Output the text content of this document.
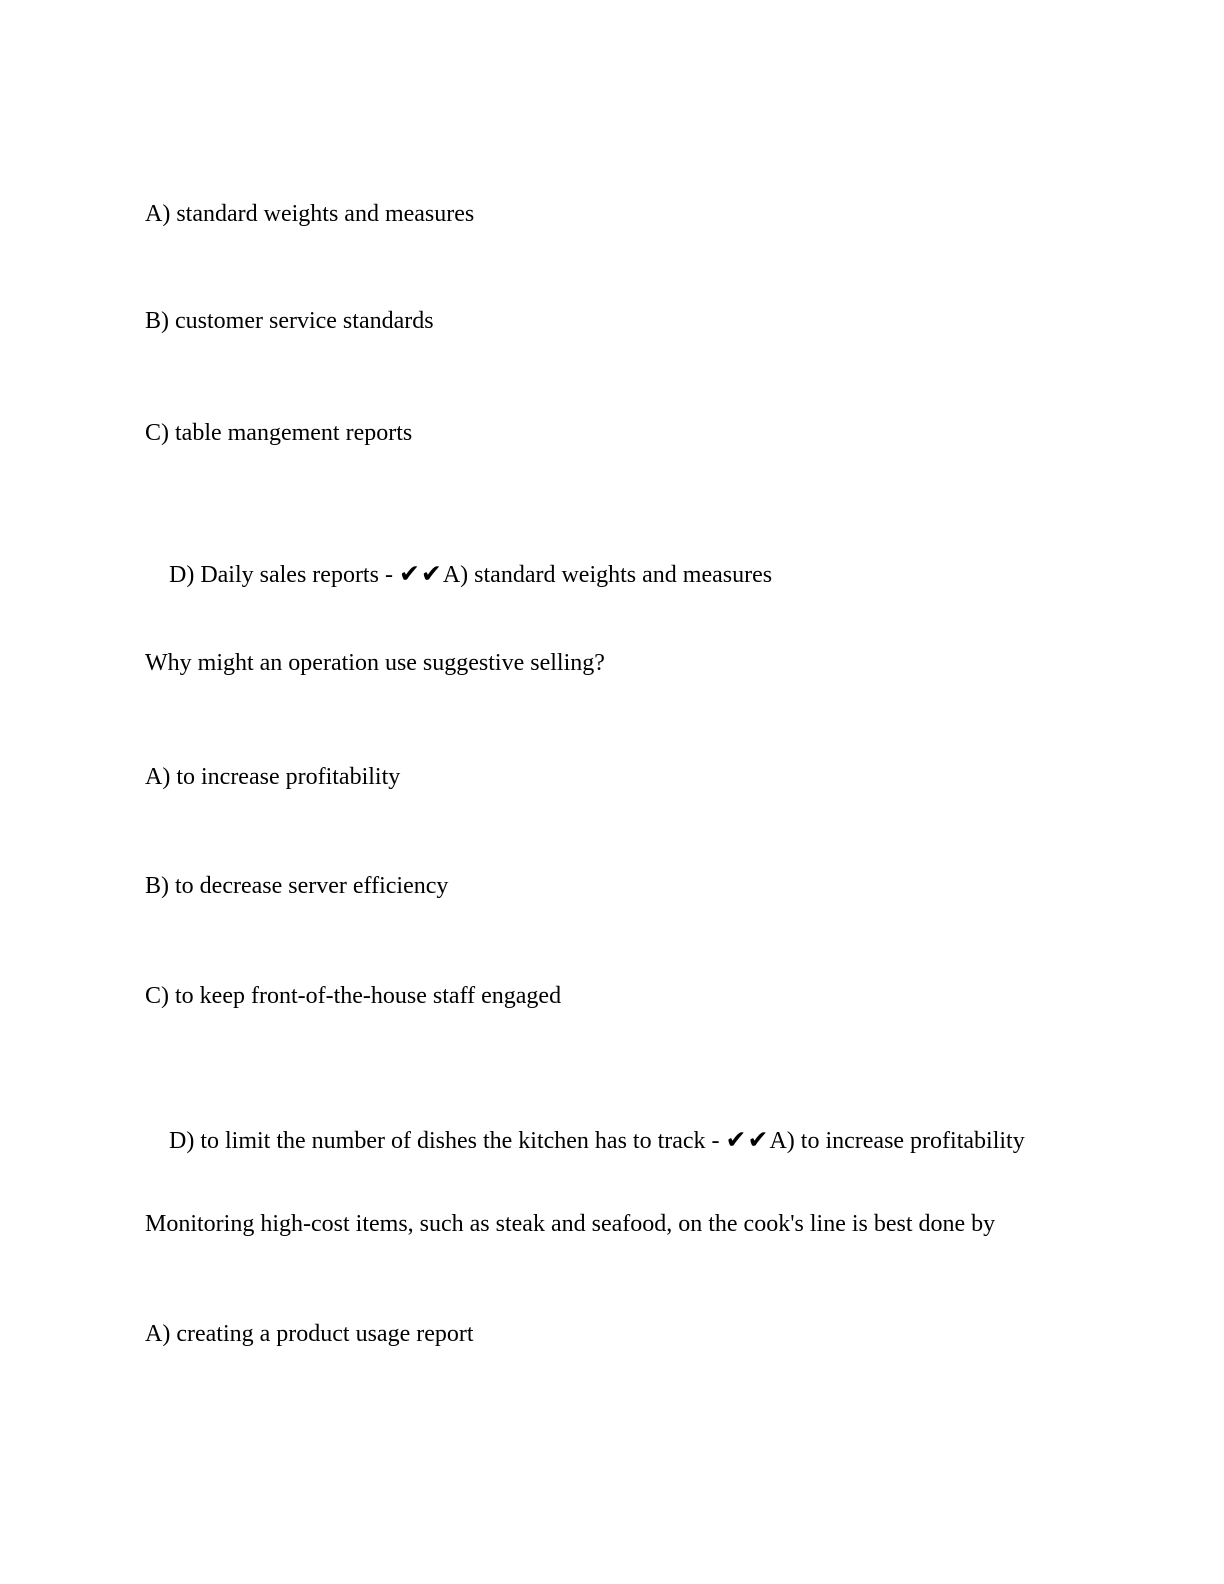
A) standard weights and measures
B) customer service standards
C) table mangement reports

D) Daily sales reports - ✔✔A) standard weights and measures

Why might an operation use suggestive selling?
A) to increase profitability
B) to decrease server efficiency
C) to keep front-of-the-house staff engaged

D) to limit the number of dishes the kitchen has to track - ✔✔A) to increase profitability

Monitoring high-cost items, such as steak and seafood, on the cook's line is best done by
A) creating a product usage report
